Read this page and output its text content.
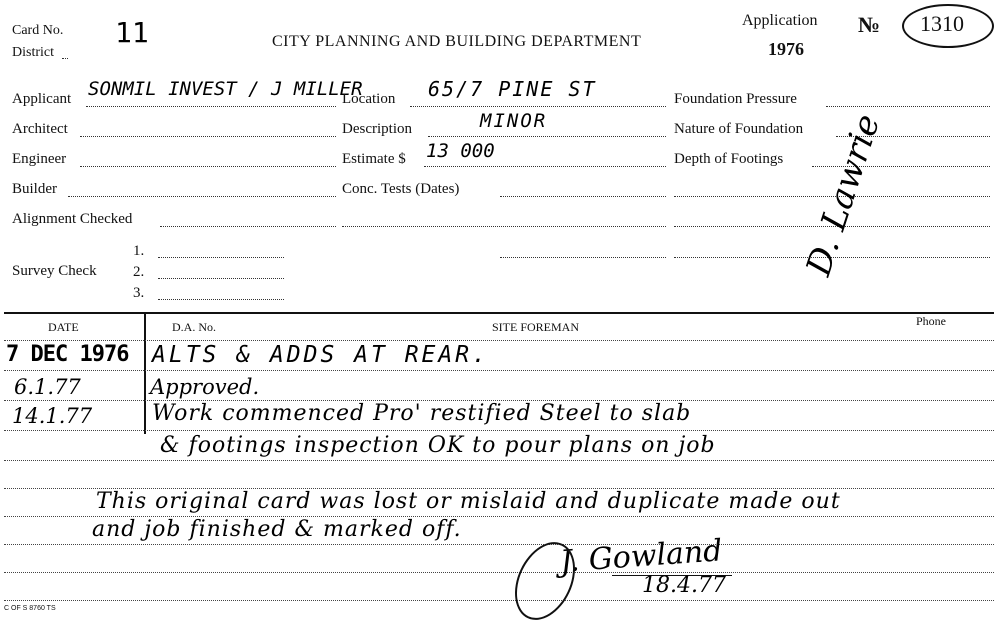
Card No. 11
District
CITY PLANNING AND BUILDING DEPARTMENT
Application
1976
№ 1310
Applicant SONMIL INVEST / J MILLER
Architect
Engineer
Builder
Alignment Checked
Survey Check
1.
2.
3.
Location 65/7 PINE ST
Description	MINOR
Estimate $ 13 000
Conc. Tests (Dates)
Foundation Pressure
Nature of Foundation
Depth of Footings D. Lawrie
DATE	D.A. No.	SITE FOREMAN	Phone
7 DEC 1976 ALTS & ADDS AT REAR.
6.1.77	Approved.
14.1.77	Work commenced Pro' restified Steel to slab
& footings inspection OK to pour plans on job
This original card was lost or mislaid and duplicate made out
and job finished & marked off.
J. Gowland
18.4.77
C OF S 8760 TS
